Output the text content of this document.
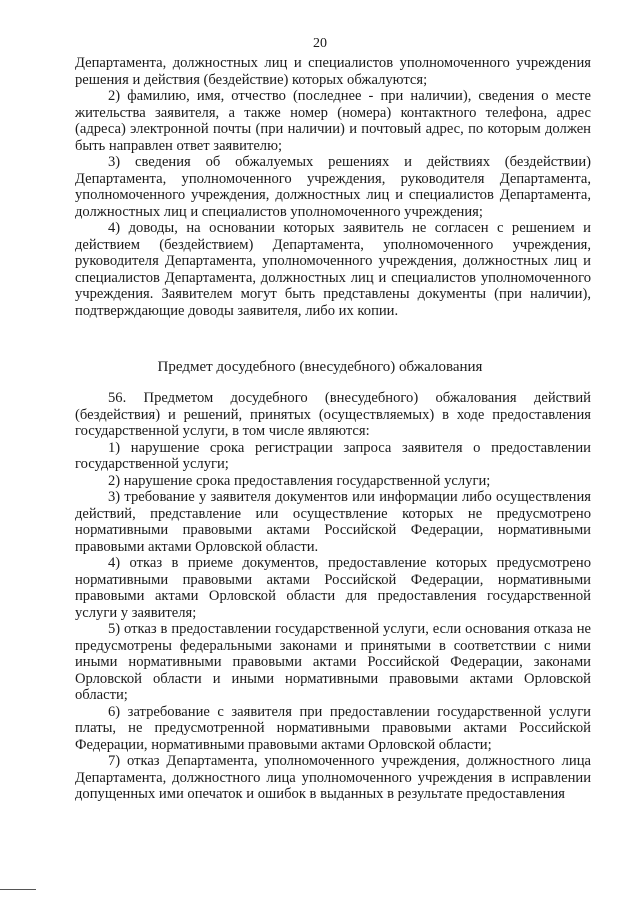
20

Департамента, должностных лиц и специалистов уполномоченного учреждения решения и действия (бездействие) которых обжалуются;

2) фамилию, имя, отчество (последнее - при наличии), сведения о месте жительства заявителя, а также номер (номера) контактного телефона, адрес (адреса) электронной почты (при наличии) и почтовый адрес, по которым должен быть направлен ответ заявителю;

3) сведения об обжалуемых решениях и действиях (бездействии) Департамента, уполномоченного учреждения, руководителя Департамента, уполномоченного учреждения, должностных лиц и специалистов Департамента, должностных лиц и специалистов уполномоченного учреждения;

4) доводы, на основании которых заявитель не согласен с решением и действием (бездействием) Департамента, уполномоченного учреждения, руководителя Департамента, уполномоченного учреждения, должностных лиц и специалистов Департамента, должностных лиц и специалистов уполномоченного учреждения. Заявителем могут быть представлены документы (при наличии), подтверждающие доводы заявителя, либо их копии.

Предмет досудебного (внесудебного) обжалования

56. Предметом досудебного (внесудебного) обжалования действий (бездействия) и решений, принятых (осуществляемых) в ходе предоставления государственной услуги, в том числе являются:

1) нарушение срока регистрации запроса заявителя о предоставлении государственной услуги;

2) нарушение срока предоставления государственной услуги;

3) требование у заявителя документов или информации либо осуществления действий, представление или осуществление которых не предусмотрено нормативными правовыми актами Российской Федерации, нормативными правовыми актами Орловской области.

4) отказ в приеме документов, предоставление которых предусмотрено нормативными правовыми актами Российской Федерации, нормативными правовыми актами Орловской области для предоставления государственной услуги у заявителя;

5) отказ в предоставлении государственной услуги, если основания отказа не предусмотрены федеральными законами и принятыми в соответствии с ними иными нормативными правовыми актами Российской Федерации, законами Орловской области и иными нормативными правовыми актами Орловской области;

6) затребование с заявителя при предоставлении государственной услуги платы, не предусмотренной нормативными правовыми актами Российской Федерации, нормативными правовыми актами Орловской области;

7) отказ Департамента, уполномоченного учреждения, должностного лица Департамента, должностного лица уполномоченного учреждения в исправлении допущенных ими опечаток и ошибок в выданных в результате предоставления
